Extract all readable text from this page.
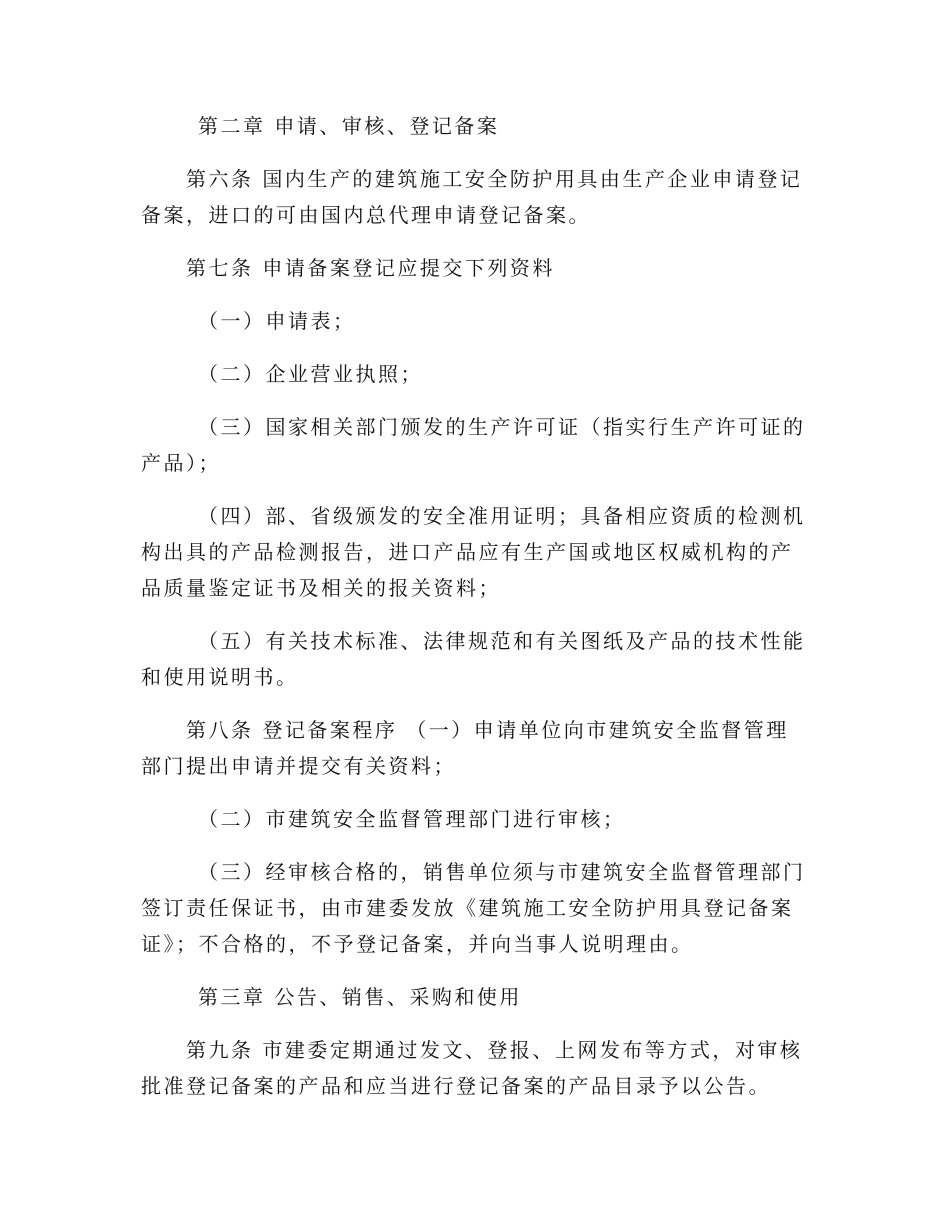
第二章 申请、审核、登记备案

第六条 国内生产的建筑施工安全防护用具由生产企业申请登记备案，进口的可由国内总代理申请登记备案。

第七条 申请备案登记应提交下列资料

（一）申请表；

（二）企业营业执照；

（三）国家相关部门颁发的生产许可证（指实行生产许可证的产品）；

（四）部、省级颁发的安全准用证明；具备相应资质的检测机构出具的产品检测报告，进口产品应有生产国或地区权威机构的产品质量鉴定证书及相关的报关资料；

（五）有关技术标准、法律规范和有关图纸及产品的技术性能和使用说明书。

第八条 登记备案程序 （一）申请单位向市建筑安全监督管理部门提出申请并提交有关资料；

（二）市建筑安全监督管理部门进行审核；

（三）经审核合格的，销售单位须与市建筑安全监督管理部门签订责任保证书，由市建委发放《建筑施工安全防护用具登记备案证》；不合格的，不予登记备案，并向当事人说明理由。

第三章 公告、销售、采购和使用

第九条 市建委定期通过发文、登报、上网发布等方式，对审核批准登记备案的产品和应当进行登记备案的产品目录予以公告。
